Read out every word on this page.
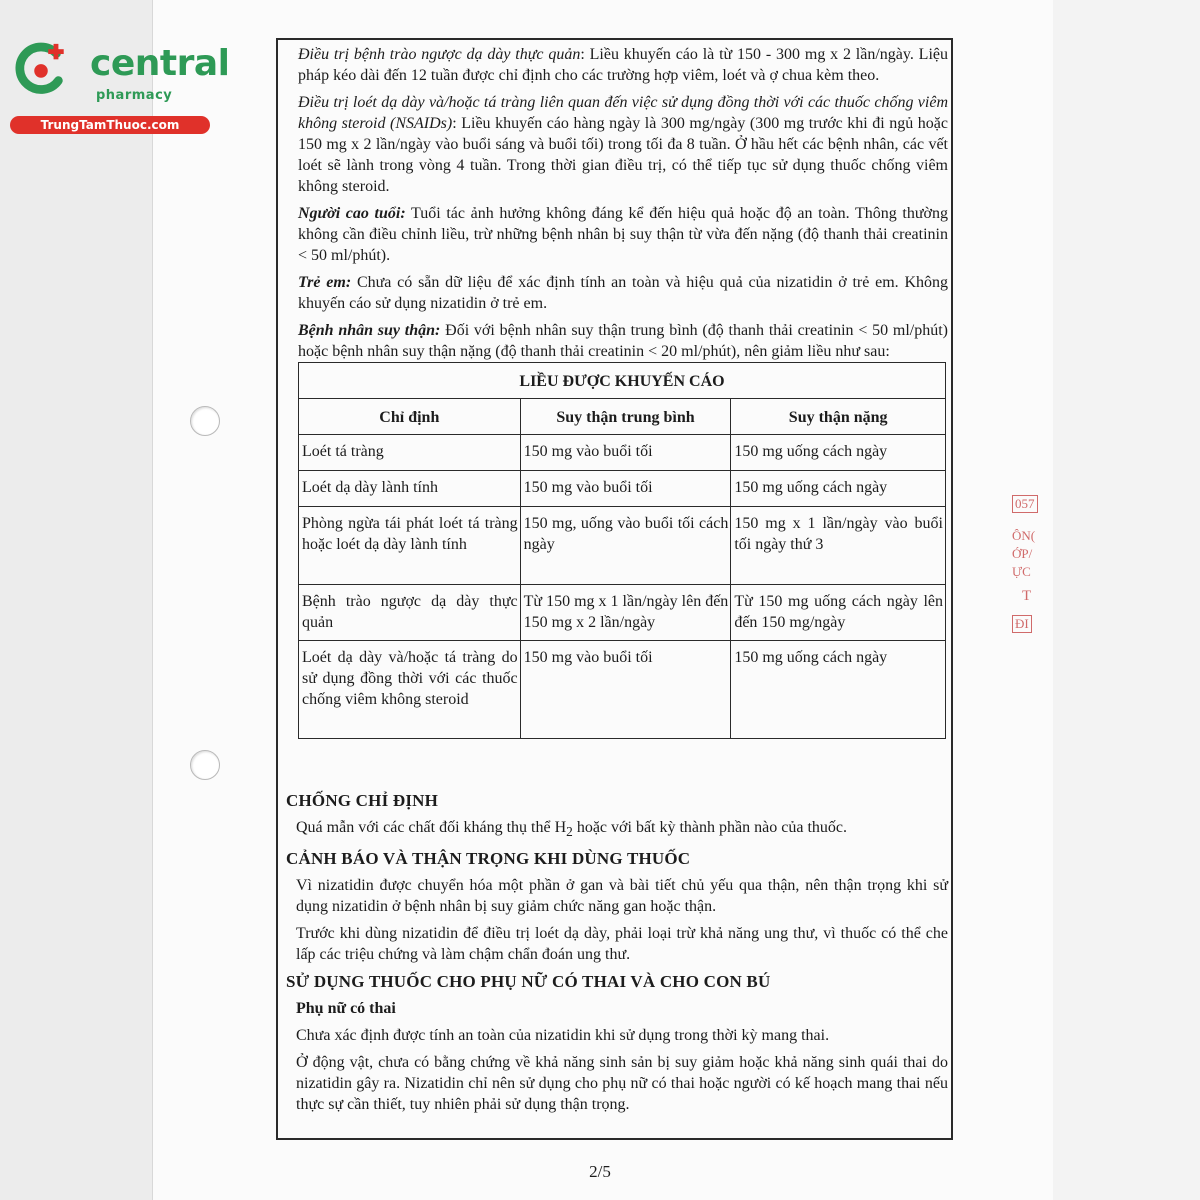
central
pharmacy
TrungTamThuoc.com

Điều trị bệnh trào ngược dạ dày thực quản: Liều khuyến cáo là từ 150 - 300 mg x 2 lần/ngày. Liệu pháp kéo dài đến 12 tuần được chỉ định cho các trường hợp viêm, loét và ợ chua kèm theo.

Điều trị loét dạ dày và/hoặc tá tràng liên quan đến việc sử dụng đồng thời với các thuốc chống viêm không steroid (NSAIDs): Liều khuyến cáo hàng ngày là 300 mg/ngày (300 mg trước khi đi ngủ hoặc 150 mg x 2 lần/ngày vào buổi sáng và buổi tối) trong tối đa 8 tuần. Ở hầu hết các bệnh nhân, các vết loét sẽ lành trong vòng 4 tuần. Trong thời gian điều trị, có thể tiếp tục sử dụng thuốc chống viêm không steroid.

Người cao tuổi: Tuổi tác ảnh hưởng không đáng kể đến hiệu quả hoặc độ an toàn. Thông thường không cần điều chỉnh liều, trừ những bệnh nhân bị suy thận từ vừa đến nặng (độ thanh thải creatinin < 50 ml/phút).

Trẻ em: Chưa có sẵn dữ liệu để xác định tính an toàn và hiệu quả của nizatidin ở trẻ em. Không khuyến cáo sử dụng nizatidin ở trẻ em.

Bệnh nhân suy thận: Đối với bệnh nhân suy thận trung bình (độ thanh thải creatinin < 50 ml/phút) hoặc bệnh nhân suy thận nặng (độ thanh thải creatinin < 20 ml/phút), nên giảm liều như sau:

LIỀU ĐƯỢC KHUYẾN CÁO		
Chỉ định	Suy thận trung bình	Suy thận nặng
Loét tá tràng	150 mg vào buổi tối	150 mg uống cách ngày
Loét dạ dày lành tính	150 mg vào buổi tối	150 mg uống cách ngày
Phòng ngừa tái phát loét tá tràng hoặc loét dạ dày lành tính	150 mg, uống vào buổi tối cách ngày	150 mg x 1 lần/ngày vào buổi tối ngày thứ 3
Bệnh trào ngược dạ dày thực quản	Từ 150 mg x 1 lần/ngày lên đến 150 mg x 2 lần/ngày	Từ 150 mg uống cách ngày lên đến 150 mg/ngày
Loét dạ dày và/hoặc tá tràng do sử dụng đồng thời với các thuốc chống viêm không steroid	150 mg vào buổi tối	150 mg uống cách ngày
CHỐNG CHỈ ĐỊNH
Quá mẫn với các chất đối kháng thụ thể $H_2$ hoặc với bất kỳ thành phần nào của thuốc.
CẢNH BÁO VÀ THẬN TRỌNG KHI DÙNG THUỐC
Vì nizatidin được chuyển hóa một phần ở gan và bài tiết chủ yếu qua thận, nên thận trọng khi sử dụng nizatidin ở bệnh nhân bị suy giảm chức năng gan hoặc thận.
Trước khi dùng nizatidin để điều trị loét dạ dày, phải loại trừ khả năng ung thư, vì thuốc có thể che lấp các triệu chứng và làm chậm chẩn đoán ung thư.
SỬ DỤNG THUỐC CHO PHỤ NỮ CÓ THAI VÀ CHO CON BÚ
Phụ nữ có thai
Chưa xác định được tính an toàn của nizatidin khi sử dụng trong thời kỳ mang thai.
Ở động vật, chưa có bằng chứng về khả năng sinh sản bị suy giảm hoặc khả năng sinh quái thai do nizatidin gây ra. Nizatidin chỉ nên sử dụng cho phụ nữ có thai hoặc người có kế hoạch mang thai nếu thực sự cần thiết, tuy nhiên phải sử dụng thận trọng.
2/5
057
ÔN(
ỚP/
ỰC
T
ĐI
